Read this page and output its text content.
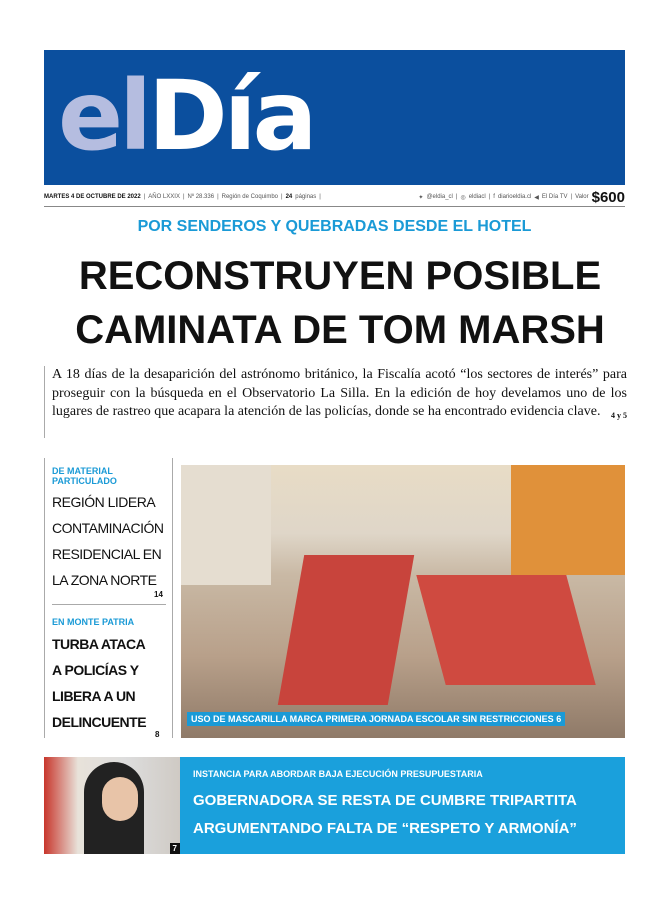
elDía
MARTES 4 DE OCTUBRE DE 2022 | AÑO LXXIX | Nº 28.336 | Región de Coquimbo | 24 páginas |	✦ @eldia_cl | ◎ eldiacl | f diarioeldia.cl ◀ El Día TV | Valor $600
POR SENDEROS Y QUEBRADAS DESDE EL HOTEL
RECONSTRUYEN POSIBLE
CAMINATA DE TOM MARSH
A 18 días de la desaparición del astrónomo británico, la Fiscalía acotó “los sectores de interés” para proseguir con la búsqueda en el Observatorio La Silla. En la edición de hoy develamos uno de los lugares de rastreo que acapara la atención de las policías, donde se ha encontrado evidencia clave. 4 y 5
DE MATERIAL
PARTICULADO
REGIÓN LIDERA
CONTAMINACIÓN
RESIDENCIAL EN
LA ZONA NORTE
14
EN MONTE PATRIA
TURBA ATACA
A POLICÍAS Y
LIBERA A UN
DELINCUENTE
8
USO DE MASCARILLA MARCA PRIMERA JORNADA ESCOLAR SIN RESTRICCIONES 6
7
INSTANCIA PARA ABORDAR BAJA EJECUCIÓN PRESUPUESTARIA
GOBERNADORA SE RESTA DE CUMBRE TRIPARTITA
ARGUMENTANDO FALTA DE “RESPETO Y ARMONÍA”
